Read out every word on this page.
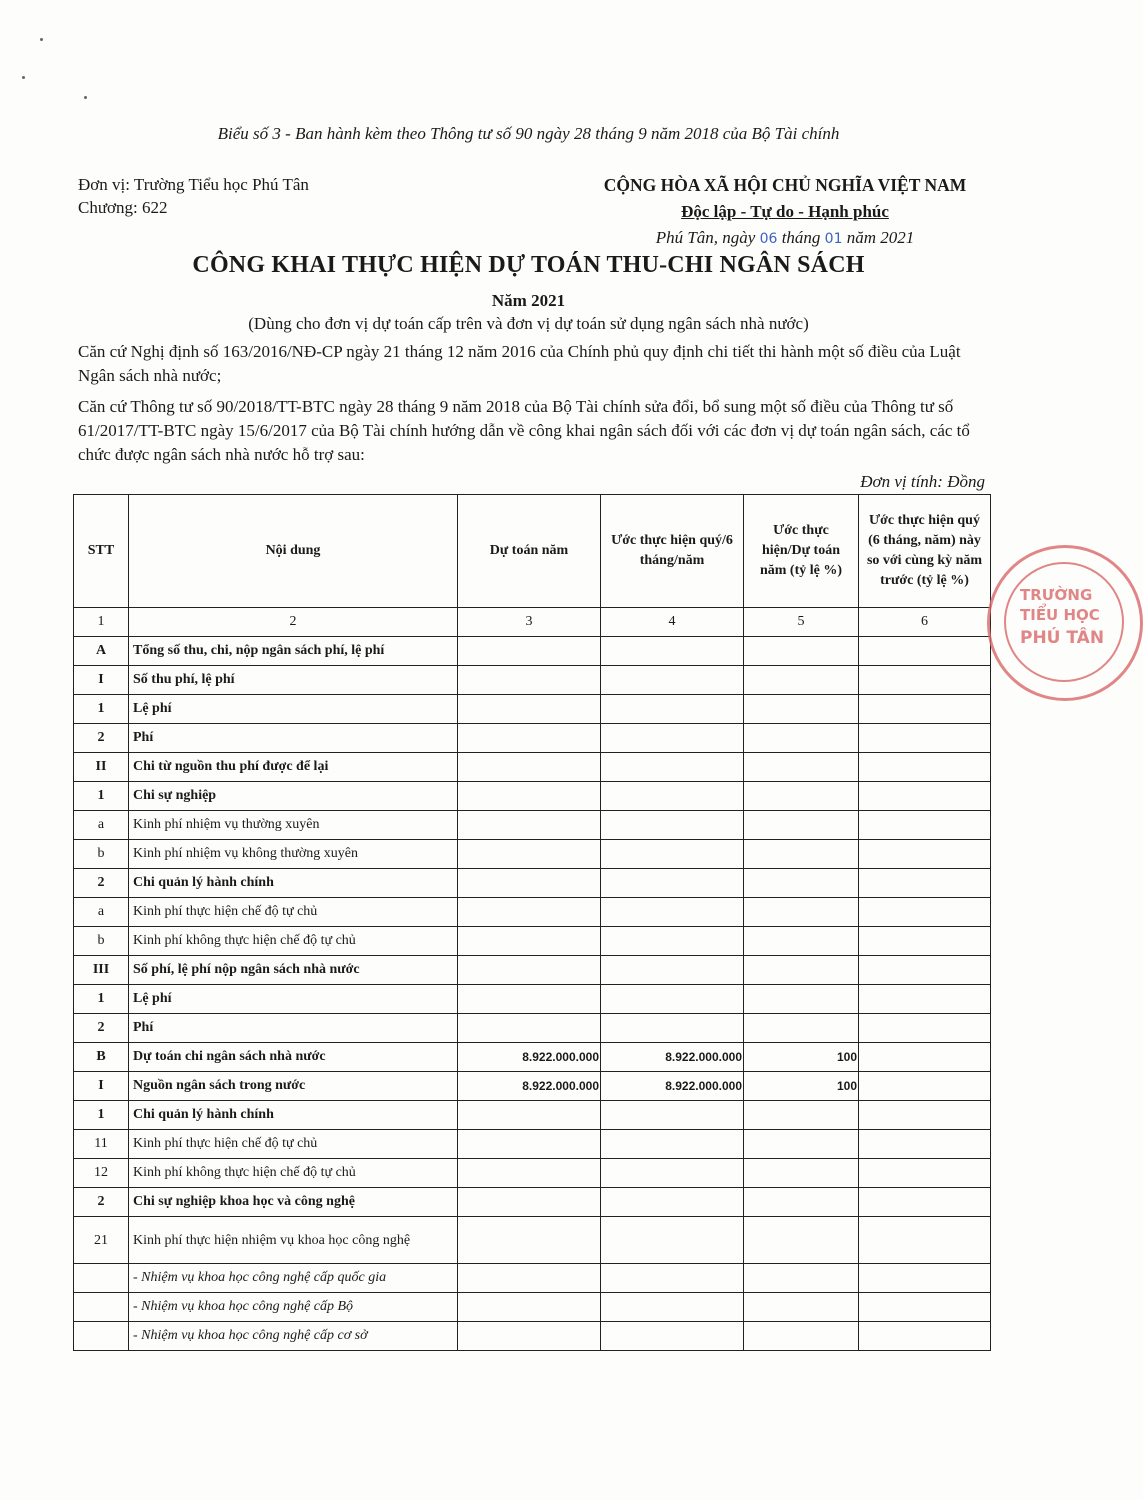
Biểu số 3 - Ban hành kèm theo Thông tư số 90 ngày 28 tháng 9 năm 2018 của Bộ Tài chính
Đơn vị: Trường Tiểu học Phú Tân
Chương: 622
CỘNG HÒA XÃ HỘI CHỦ NGHĨA VIỆT NAM
Độc lập - Tự do - Hạnh phúc
Phú Tân, ngày 06 tháng 01 năm 2021
CÔNG KHAI THỰC HIỆN DỰ TOÁN THU-CHI NGÂN SÁCH
Năm 2021
(Dùng cho đơn vị dự toán cấp trên và đơn vị dự toán sử dụng ngân sách nhà nước)
Căn cứ Nghị định số 163/2016/NĐ-CP ngày 21 tháng 12 năm 2016 của Chính phủ quy định chi tiết thi hành một số điều của Luật Ngân sách nhà nước;
Căn cứ Thông tư số 90/2018/TT-BTC ngày 28 tháng 9 năm 2018 của Bộ Tài chính sửa đổi, bổ sung một số điều của Thông tư số 61/2017/TT-BTC ngày 15/6/2017 của Bộ Tài chính hướng dẫn về công khai ngân sách đối với các đơn vị dự toán ngân sách, các tổ chức được ngân sách nhà nước hỗ trợ sau:
Đơn vị tính: Đồng
STT	Nội dung	Dự toán năm	Ước thực hiện quý/6 tháng/năm	Ước thực hiện/Dự toán năm (tỷ lệ %)	Ước thực hiện quý (6 tháng, năm) này so với cùng kỳ năm trước (tỷ lệ %)
1	2	3	4	5	6
A	Tổng số thu, chi, nộp ngân sách phí, lệ phí				
I	Số thu phí, lệ phí				
1	Lệ phí				
2	Phí				
II	Chi từ nguồn thu phí được để lại				
1	Chi sự nghiệp				
a	Kinh phí nhiệm vụ thường xuyên				
b	Kinh phí nhiệm vụ không thường xuyên				
2	Chi quản lý hành chính				
a	Kinh phí thực hiện chế độ tự chủ				
b	Kinh phí không thực hiện chế độ tự chủ				
III	Số phí, lệ phí nộp ngân sách nhà nước				
1	Lệ phí				
2	Phí				
B	Dự toán chi ngân sách nhà nước	8.922.000.000	8.922.000.000	100	
I	Nguồn ngân sách trong nước	8.922.000.000	8.922.000.000	100	
1	Chi quản lý hành chính				
11	Kinh phí thực hiện chế độ tự chủ				
12	Kinh phí không thực hiện chế độ tự chủ				
2	Chi sự nghiệp khoa học và công nghệ				
21	Kinh phí thực hiện nhiệm vụ khoa học công nghệ				
	- Nhiệm vụ khoa học công nghệ cấp quốc gia				
	- Nhiệm vụ khoa học công nghệ cấp Bộ				
	- Nhiệm vụ khoa học công nghệ cấp cơ sở				
TRƯỜNG
TIỂU HỌC
PHÚ TÂN
